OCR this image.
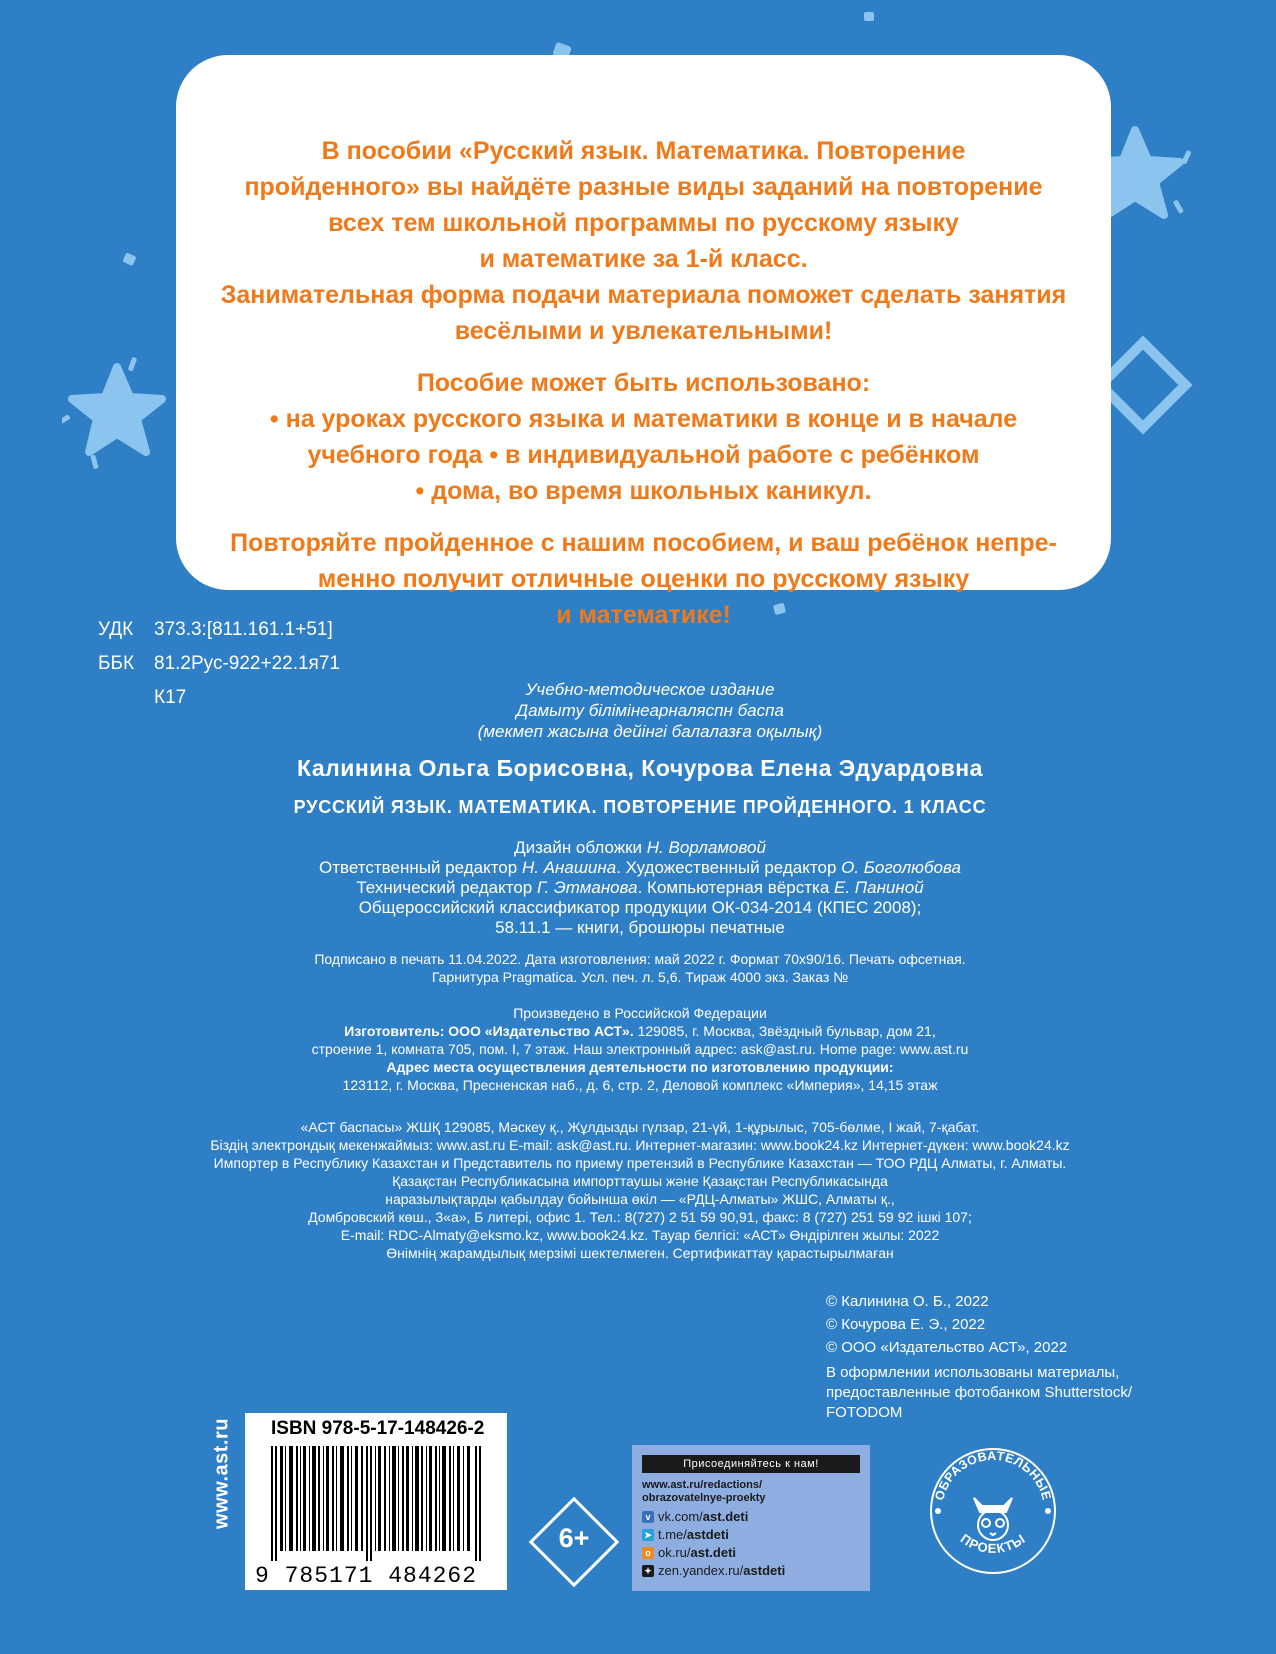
В пособии «Русский язык. Математика. Повторение

пройденного» вы найдёте разные виды заданий на повторение

всех тем школьной программы по русскому языку

и математике за 1-й класс.

Занимательная форма подачи материала поможет сделать занятия

весёлыми и увлекательными!

Пособие может быть использовано:

• на уроках русского языка и математики в конце и в начале

учебного года • в индивидуальной работе с ребёнком

• дома, во время школьных каникул.

Повторяйте пройденное с нашим пособием, и ваш ребёнок непре-

менно получит отличные оценки по русскому языку

и математике!

УДК 373.3:[811.161.1+51]
ББК 81.2Рус-922+22.1я71
К17	Учебно-методическое издание
Дамыту білімінеарналяспн баспа
(мекмеп жасына дейінгі балалазға оқылық)
Калинина Ольга Борисовна, Кочурова Елена Эдуардовна
РУССКИЙ ЯЗЫК. МАТЕМАТИКА. ПОВТОРЕНИЕ ПРОЙДЕННОГО. 1 КЛАСС
Дизайн обложки Н. Ворламовой
Ответственный редактор Н. Анашина. Художественный редактор О. Боголюбова
Технический редактор Г. Этманова. Компьютерная вёрстка Е. Паниной
Общероссийский классификатор продукции ОК-034-2014 (КПЕС 2008);
58.11.1 — книги, брошюры печатные
Подписано в печать 11.04.2022. Дата изготовления: май 2022 г. Формат 70х90/16. Печать офсетная.
Гарнитура Pragmatica. Усл. печ. л. 5,6. Тираж 4000 экз. Заказ №
Произведено в Российской Федерации
Изготовитель: ООО «Издательство АСТ». 129085, г. Москва, Звёздный бульвар, дом 21,
строение 1, комната 705, пом. I, 7 этаж. Наш электронный адрес: ask@ast.ru. Home page: www.ast.ru
Адрес места осуществления деятельности по изготовлению продукции:
123112, г. Москва, Пресненская наб., д. 6, стр. 2, Деловой комплекс «Империя», 14,15 этаж
«АСТ баспасы» ЖШҚ 129085, Мәскеу қ., Жұлдызды гүлзар, 21-үй, 1-құрылыс, 705-бөлме, I жай, 7-қабат.
Біздің электрондық мекенжаймыз: www.ast.ru E-mail: ask@ast.ru. Интернет-магазин: www.book24.kz Интернет-дүкен: www.book24.kz
Импортер в Республику Казахстан и Представитель по приему претензий в Республике Казахстан — ТОО РДЦ Алматы, г. Алматы.
Қазақстан Республикасына импорттаушы және Қазақстан Республикасында
наразылықтарды қабылдау бойынша өкіл — «РДЦ-Алматы» ЖШС, Алматы қ.,
Домбровский көш., 3«а», Б литері, офис 1. Тел.: 8(727) 2 51 59 90,91, факс: 8 (727) 251 59 92 ішкі 107;
E-mail: RDC-Almaty@eksmo.kz, www.book24.kz. Тауар белгісі: «АСТ» Өндірілген жылы: 2022
Өнімнің жарамдылық мерзімі шектелмеген. Сертификаттау қарастырылмаған
© Калинина О. Б., 2022
© Кочурова Е. Э., 2022
© ООО «Издательство АСТ», 2022
В оформлении использованы материалы,
предоставленные фотобанком Shutterstock/
FOTODOM
www.ast.ru ISBN 978-5-17-148426-2
9 785171 484262
6+
Присоединяйтесь к нам!
www.ast.ru/redactions/
obrazovatelnye-proekty
v vk.com/ ast.deti
➤ t.me/ astdeti
o ok.ru/ ast.deti
✦ zen.yandex.ru/ astdeti
ОБРАЗОВАТЕЛЬНЫЕ
ПРОЕКТЫ
